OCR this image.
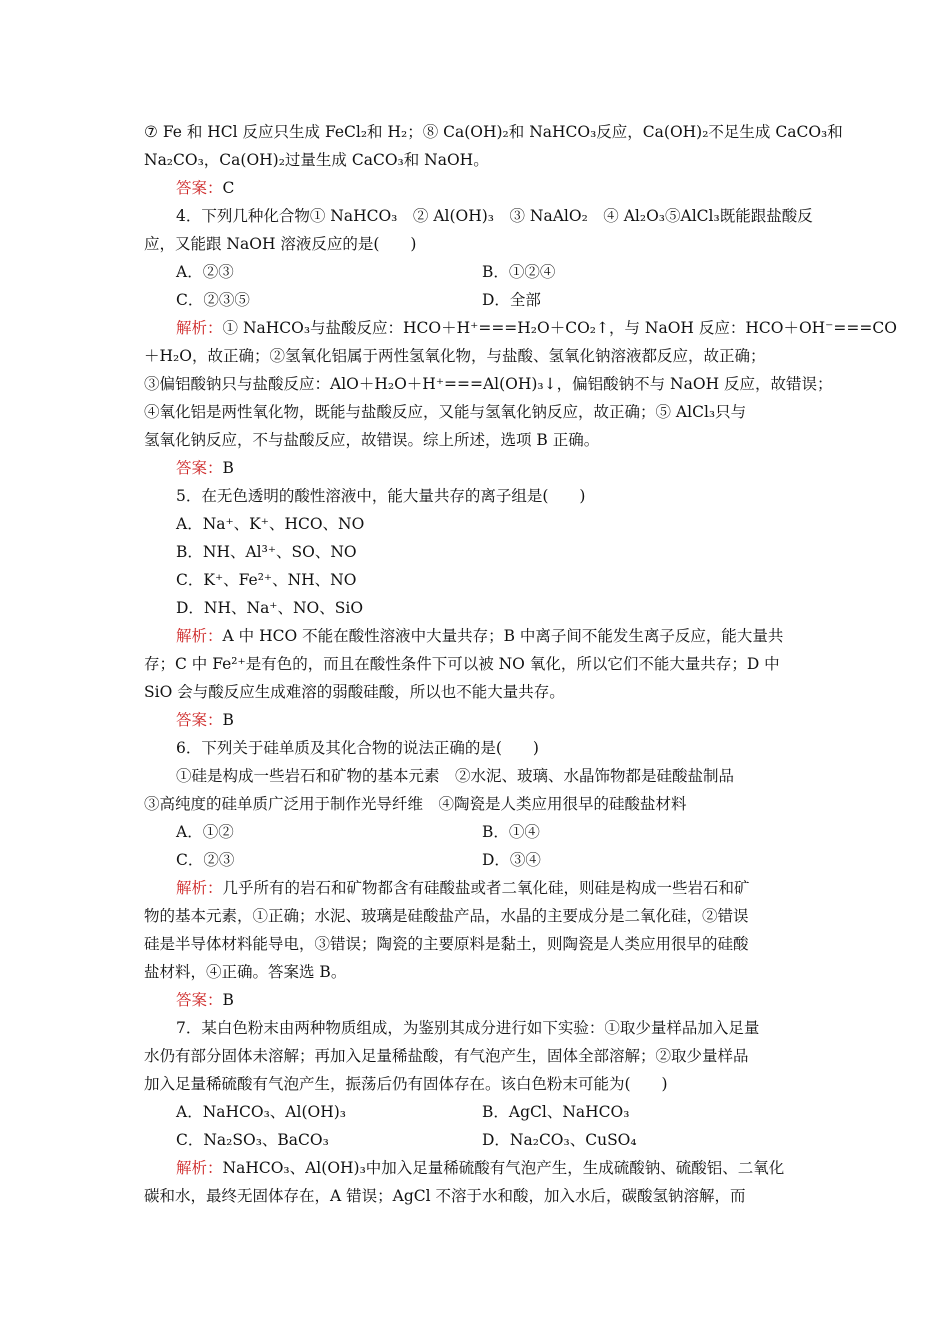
⑦ Fe 和 HCl 反应只生成 FeCl₂和 H₂；⑧ Ca(OH)₂和 NaHCO₃反应，Ca(OH)₂不足生成 CaCO₃和

Na₂CO₃，Ca(OH)₂过量生成 CaCO₃和 NaOH。

答案：C

4．下列几种化合物① NaHCO₃　② Al(OH)₃　③ NaAlO₂　④ Al₂O₃⑤AlCl₃既能跟盐酸反

应，又能跟 NaOH 溶液反应的是(　　)

A．②③	B．①②④

C．②③⑤	D．全部

解析：① NaHCO₃与盐酸反应：HCO＋H⁺===H₂O＋CO₂↑，与 NaOH 反应：HCO＋OH⁻===CO

＋H₂O，故正确；②氢氧化铝属于两性氢氧化物，与盐酸、氢氧化钠溶液都反应，故正确；

③偏铝酸钠只与盐酸反应：AlO＋H₂O＋H⁺===Al(OH)₃↓，偏铝酸钠不与 NaOH 反应，故错误；

④氧化铝是两性氧化物，既能与盐酸反应，又能与氢氧化钠反应，故正确；⑤ AlCl₃只与

氢氧化钠反应，不与盐酸反应，故错误。综上所述，选项 B 正确。

答案：B

5．在无色透明的酸性溶液中，能大量共存的离子组是(　　)

A．Na⁺、K⁺、HCO、NO

B．NH、Al³⁺、SO、NO

C．K⁺、Fe²⁺、NH、NO

D．NH、Na⁺、NO、SiO

解析：A 中 HCO 不能在酸性溶液中大量共存；B 中离子间不能发生离子反应，能大量共

存；C 中 Fe²⁺是有色的，而且在酸性条件下可以被 NO 氧化，所以它们不能大量共存；D 中

SiO 会与酸反应生成难溶的弱酸硅酸，所以也不能大量共存。

答案：B

6．下列关于硅单质及其化合物的说法正确的是(　　)

①硅是构成一些岩石和矿物的基本元素　②水泥、玻璃、水晶饰物都是硅酸盐制品

③高纯度的硅单质广泛用于制作光导纤维　④陶瓷是人类应用很早的硅酸盐材料

A．①②	B．①④

C．②③	D．③④

解析：几乎所有的岩石和矿物都含有硅酸盐或者二氧化硅，则硅是构成一些岩石和矿

物的基本元素，①正确；水泥、玻璃是硅酸盐产品，水晶的主要成分是二氧化硅，②错误

硅是半导体材料能导电，③错误；陶瓷的主要原料是黏土，则陶瓷是人类应用很早的硅酸

盐材料，④正确。答案选 B。

答案：B

7．某白色粉末由两种物质组成，为鉴别其成分进行如下实验：①取少量样品加入足量

水仍有部分固体未溶解；再加入足量稀盐酸，有气泡产生，固体全部溶解；②取少量样品

加入足量稀硫酸有气泡产生，振荡后仍有固体存在。该白色粉末可能为(　　)

A．NaHCO₃、Al(OH)₃	B．AgCl、NaHCO₃

C．Na₂SO₃、BaCO₃	D．Na₂CO₃、CuSO₄

解析：NaHCO₃、Al(OH)₃中加入足量稀硫酸有气泡产生，生成硫酸钠、硫酸铝、二氧化

碳和水，最终无固体存在，A 错误；AgCl 不溶于水和酸，加入水后，碳酸氢钠溶解，而
